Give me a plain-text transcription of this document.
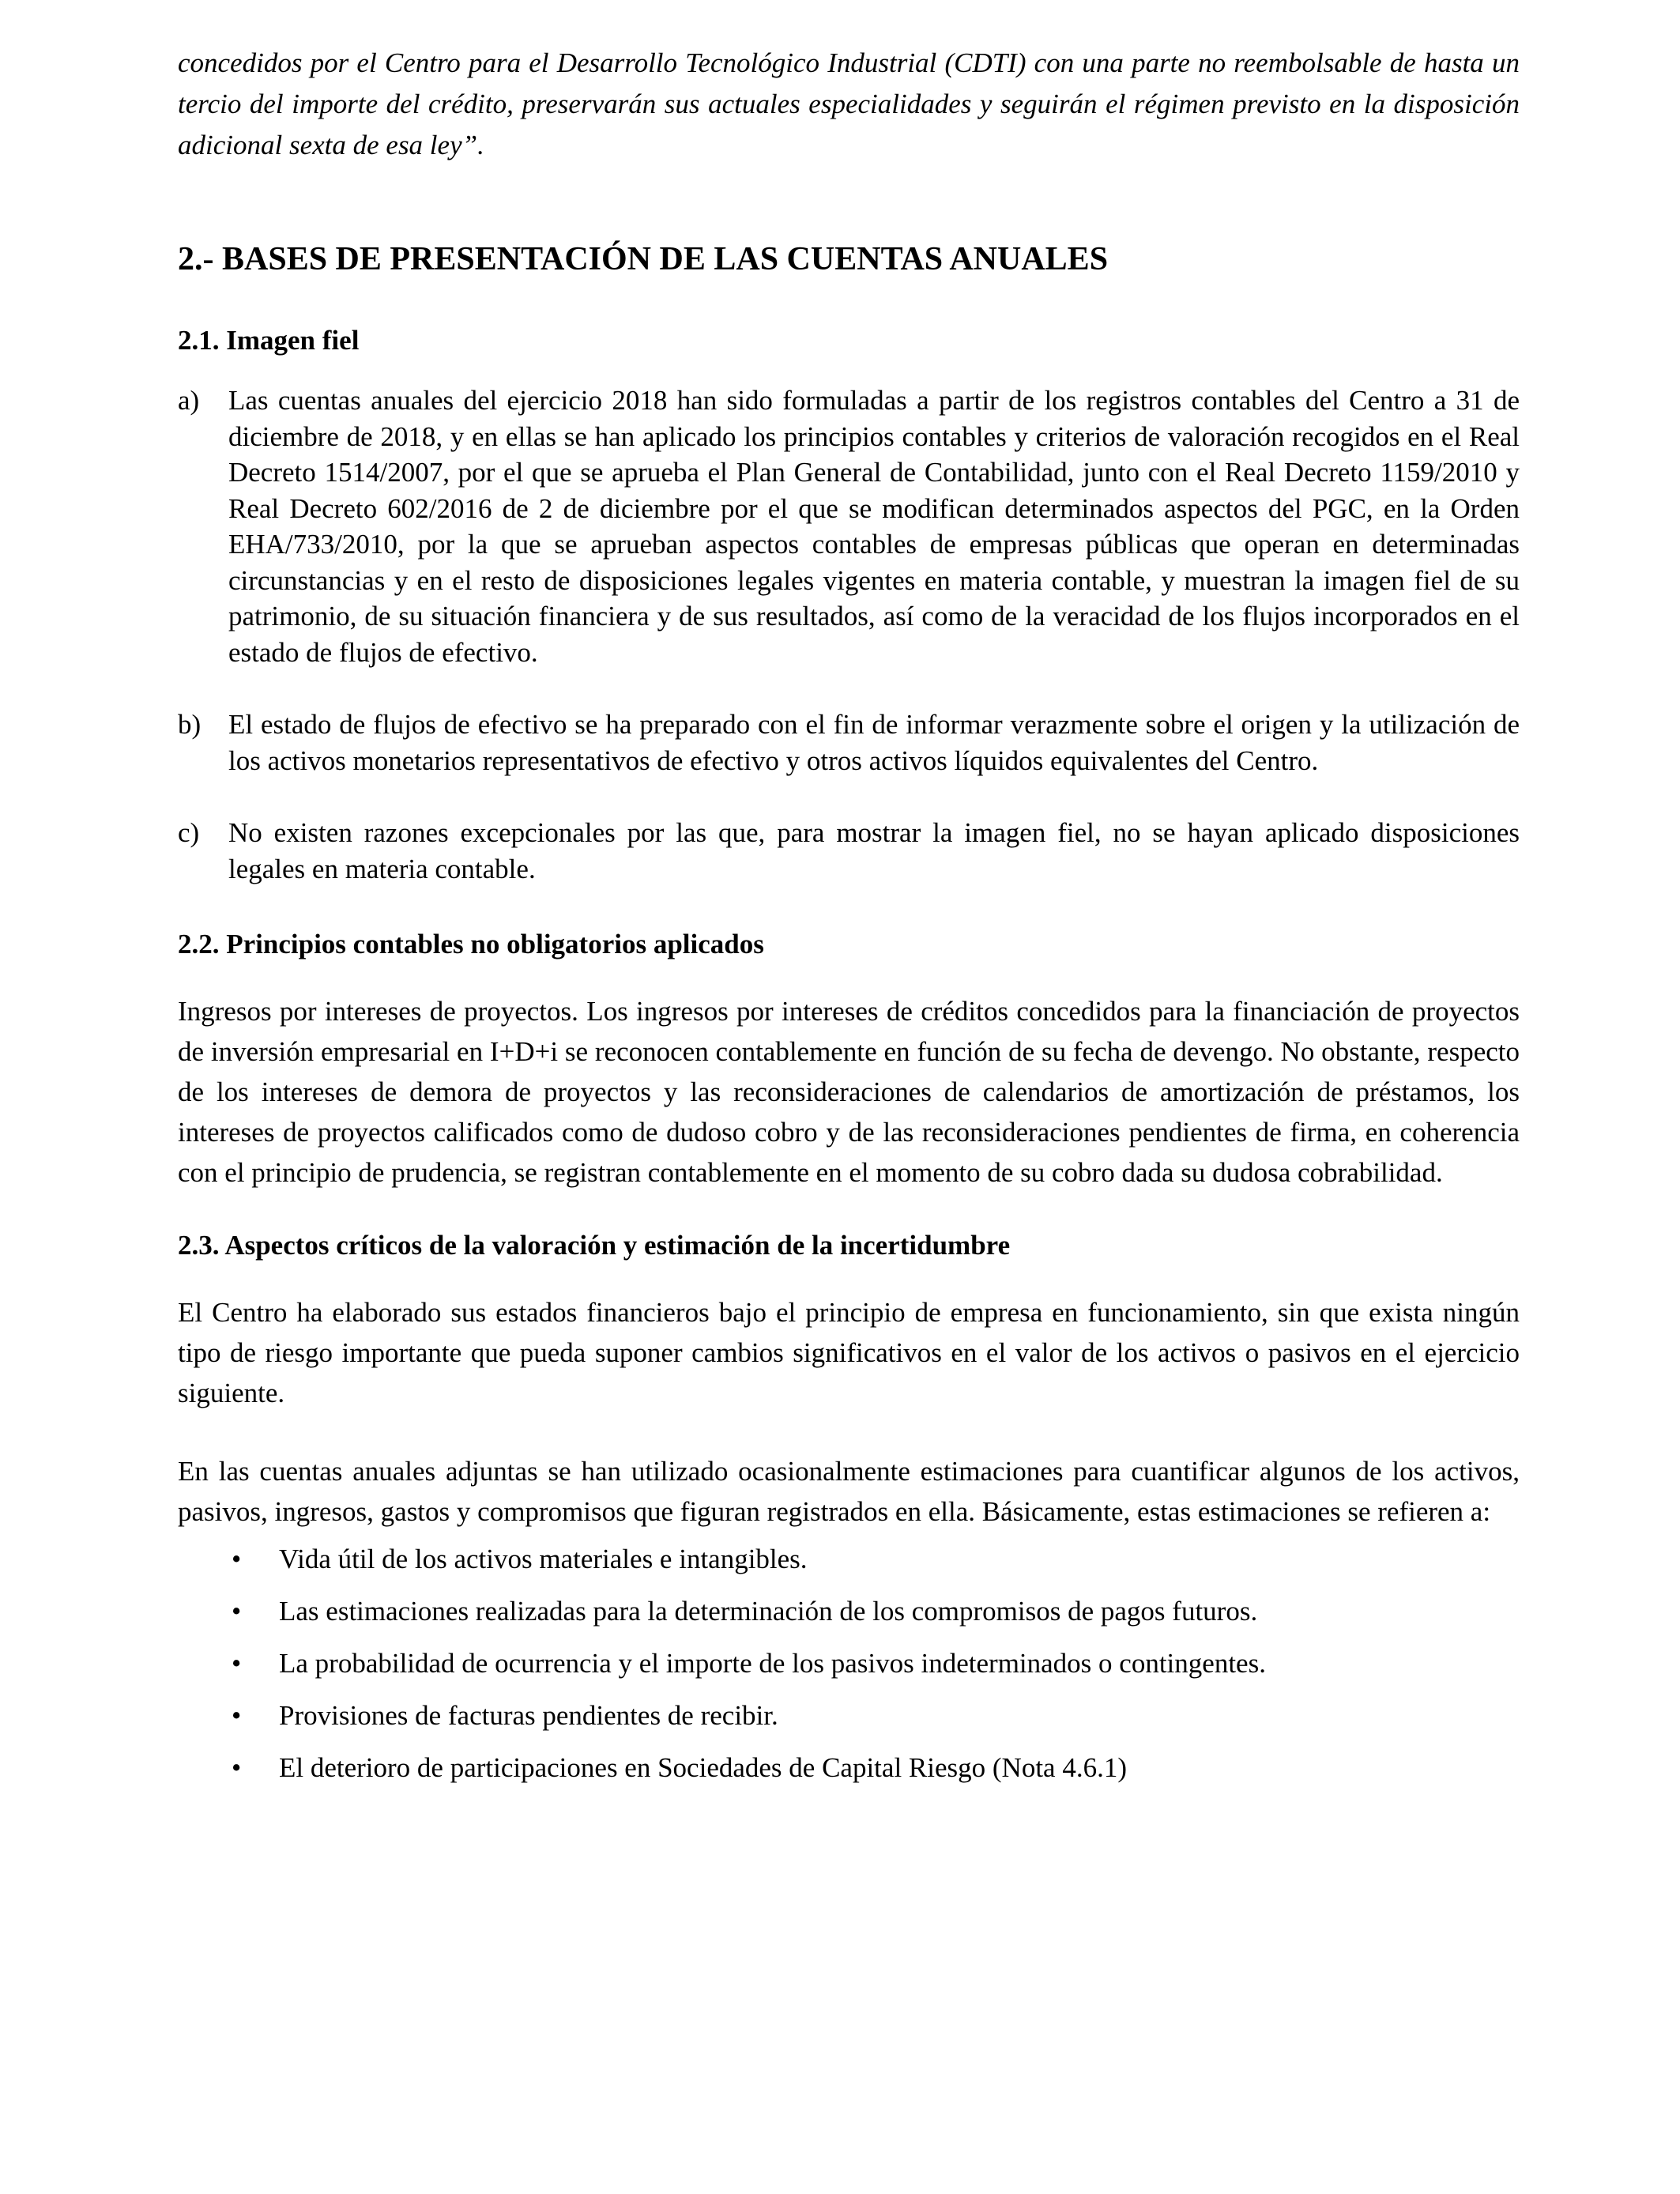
concedidos por el Centro para el Desarrollo Tecnológico Industrial (CDTI) con una parte no reembolsable de hasta un tercio del importe del crédito, preservarán sus actuales especialidades y seguirán el régimen previsto en la disposición adicional sexta de esa ley”.

2.- BASES DE PRESENTACIÓN DE LAS CUENTAS ANUALES
2.1. Imagen fiel
a) Las cuentas anuales del ejercicio 2018 han sido formuladas a partir de los registros contables del Centro a 31 de diciembre de 2018, y en ellas se han aplicado los principios contables y criterios de valoración recogidos en el Real Decreto 1514/2007, por el que se aprueba el Plan General de Contabilidad, junto con el Real Decreto 1159/2010 y Real Decreto 602/2016 de 2 de diciembre por el que se modifican determinados aspectos del PGC, en la Orden EHA/733/2010, por la que se aprueban aspectos contables de empresas públicas que operan en determinadas circunstancias y en el resto de disposiciones legales vigentes en materia contable, y muestran la imagen fiel de su patrimonio, de su situación financiera y de sus resultados, así como de la veracidad de los flujos incorporados en el estado de flujos de efectivo.

b) El estado de flujos de efectivo se ha preparado con el fin de informar verazmente sobre el origen y la utilización de los activos monetarios representativos de efectivo y otros activos líquidos equivalentes del Centro.

c) No existen razones excepcionales por las que, para mostrar la imagen fiel, no se hayan aplicado disposiciones legales en materia contable.

2.2. Principios contables no obligatorios aplicados

Ingresos por intereses de proyectos. Los ingresos por intereses de créditos concedidos para la financiación de proyectos de inversión empresarial en I+D+i se reconocen contablemente en función de su fecha de devengo. No obstante, respecto de los intereses de demora de proyectos y las reconsideraciones de calendarios de amortización de préstamos, los intereses de proyectos calificados como de dudoso cobro y de las reconsideraciones pendientes de firma, en coherencia con el principio de prudencia, se registran contablemente en el momento de su cobro dada su dudosa cobrabilidad.

2.3. Aspectos críticos de la valoración y estimación de la incertidumbre

El Centro ha elaborado sus estados financieros bajo el principio de empresa en funcionamiento, sin que exista ningún tipo de riesgo importante que pueda suponer cambios significativos en el valor de los activos o pasivos en el ejercicio siguiente.

En las cuentas anuales adjuntas se han utilizado ocasionalmente estimaciones para cuantificar algunos de los activos, pasivos, ingresos, gastos y compromisos que figuran registrados en ella. Básicamente, estas estimaciones se refieren a:

• Vida útil de los activos materiales e intangibles.

• Las estimaciones realizadas para la determinación de los compromisos de pagos futuros.

• La probabilidad de ocurrencia y el importe de los pasivos indeterminados o contingentes.

• Provisiones de facturas pendientes de recibir.

• El deterioro de participaciones en Sociedades de Capital Riesgo (Nota 4.6.1)
